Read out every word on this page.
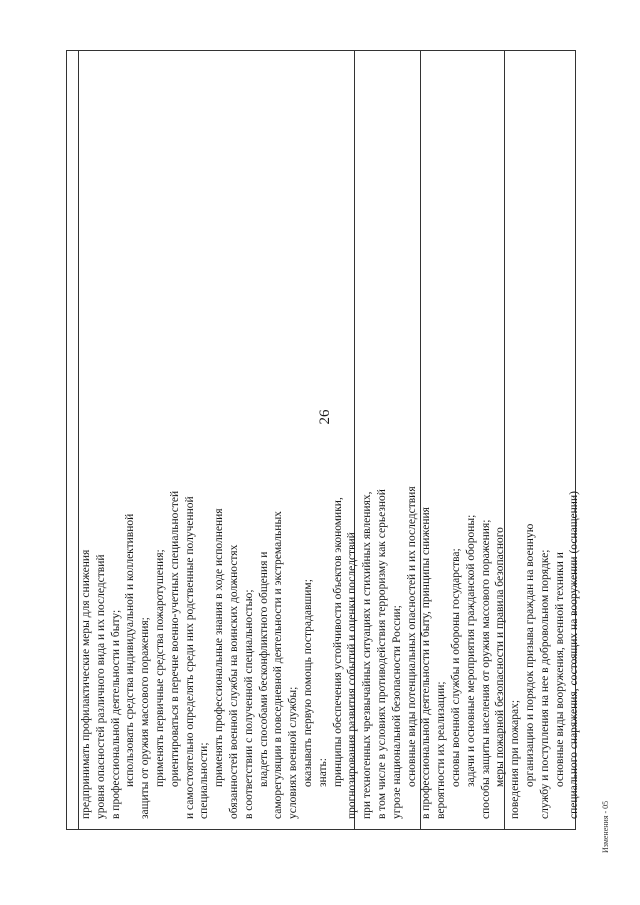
26
предпринимать профилактические меры для снижения уровня опасностей различного вида и их последствий в профессиональной деятельности и быту; использовать средства индивидуальной и коллективной защиты от оружия массового поражения; применять первичные средства пожаротушения; ориентироваться в перечне военно-учетных специальностей и самостоятельно определять среди них родственные полученной специальности; применять профессиональные знания в ходе исполнения обязанностей военной службы на воинских должностях в соответствии с полученной специальностью; владеть способами бесконфликтного общения и саморегуляции в повседневной деятельности и экстремальных условиях военной службы; оказывать первую помощь пострадавшим; знать: принципы обеспечения устойчивости объектов экономики, прогнозирования развития событий и оценки последствий при техногенных чрезвычайных ситуациях и стихийных явлениях, в том числе в условиях противодействия терроризму как серьезной угрозе национальной безопасности России; основные виды потенциальных опасностей и их последствия в профессиональной деятельности и быту, принципы снижения вероятности их реализации; основы военной службы и обороны государства; задачи и основные мероприятия гражданской обороны; способы защиты населения от оружия массового поражения; меры пожарной безопасности и правила безопасного поведения при пожарах; организацию и порядок призыва граждан на военную службу и поступления на нее в добровольном порядке; основные виды вооружения, военной техники и специального снаряжения, состоящих на вооружении (оснащении)
Изменения - 05
